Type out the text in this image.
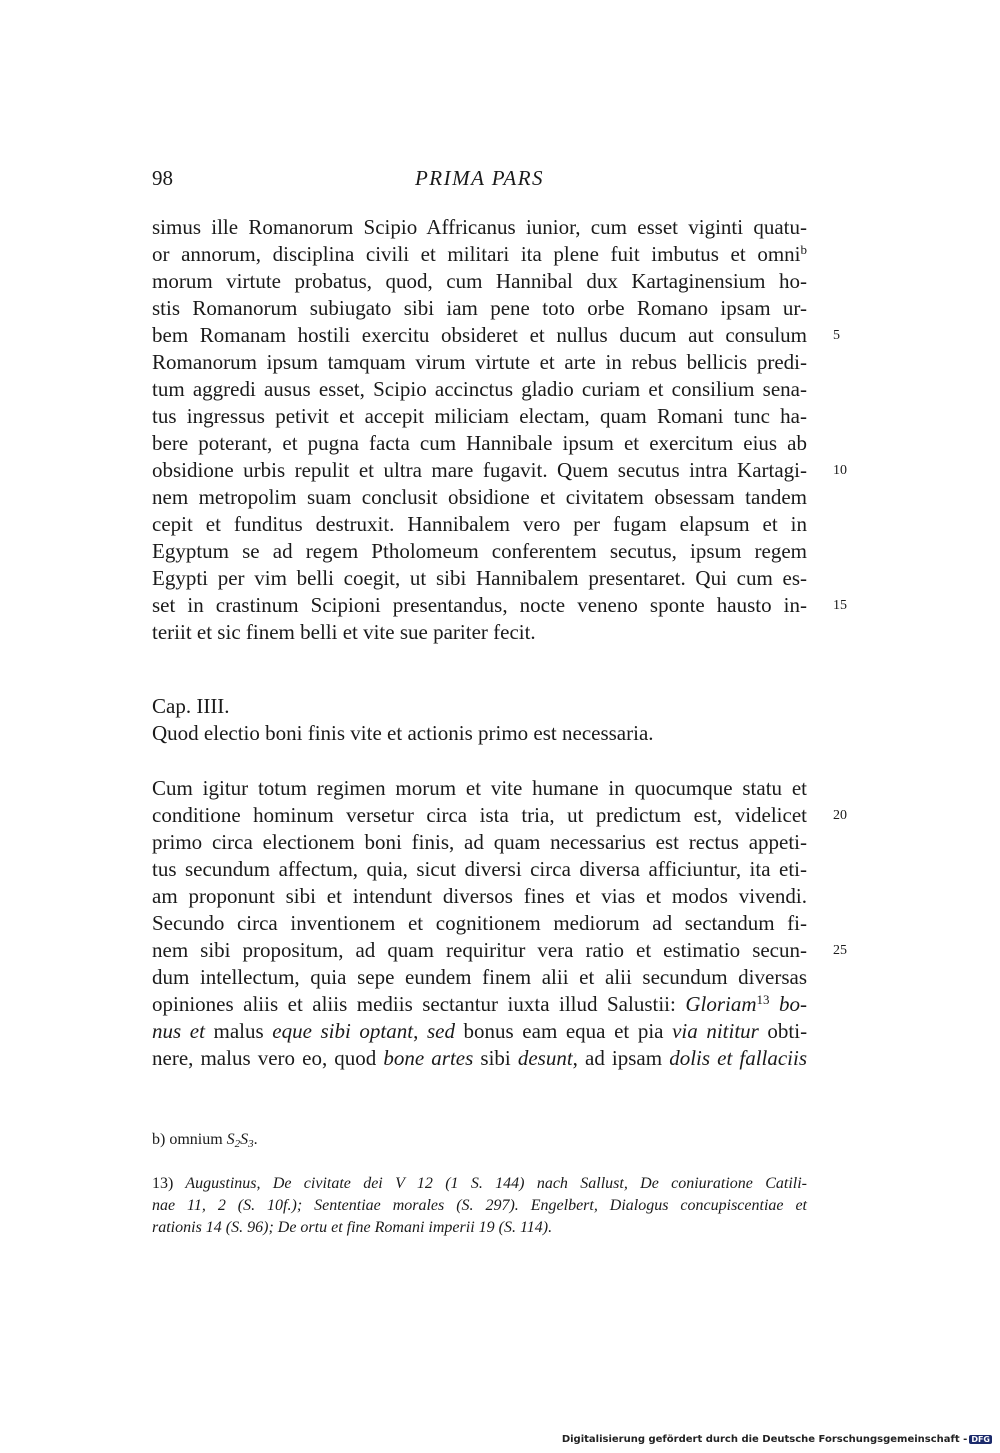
98	PRIMA PARS
simus ille Romanorum Scipio Affricanus iunior, cum esset viginti quatu-
or annorum, disciplina civili et militari ita plene fuit imbutus et omni$^b$
morum virtute probatus, quod, cum Hannibal dux Kartaginensium ho-
stis Romanorum subiugato sibi iam pene toto orbe Romano ipsam ur-
bem Romanam hostili exercitu obsideret et nullus ducum aut consulum
Romanorum ipsum tamquam virum virtute et arte in rebus bellicis predi-
tum aggredi ausus esset, Scipio accinctus gladio curiam et consilium sena-
tus ingressus petivit et accepit miliciam electam, quam Romani tunc ha-
bere poterant, et pugna facta cum Hannibale ipsum et exercitum eius ab
obsidione urbis repulit et ultra mare fugavit. Quem secutus intra Kartagi-
nem metropolim suam conclusit obsidione et civitatem obsessam tandem
cepit et funditus destruxit. Hannibalem vero per fugam elapsum et in
Egyptum se ad regem Ptholomeum conferentem secutus, ipsum regem
Egypti per vim belli coegit, ut sibi Hannibalem presentaret. Qui cum es-
set in crastinum Scipioni presentandus, nocte veneno sponte hausto in-
teriit et sic finem belli et vite sue pariter fecit.
Cap. IIII.
Quod electio boni finis vite et actionis primo est necessaria.
Cum igitur totum regimen morum et vite humane in quocumque statu et
conditione hominum versetur circa ista tria, ut predictum est, videlicet
primo circa electionem boni finis, ad quam necessarius est rectus appeti-
tus secundum affectum, quia, sicut diversi circa diversa afficiuntur, ita eti-
am proponunt sibi et intendunt diversos fines et vias et modos vivendi.
Secundo circa inventionem et cognitionem mediorum ad sectandum fi-
nem sibi propositum, ad quam requiritur vera ratio et estimatio secun-
dum intellectum, quia sepe eundem finem alii et alii secundum diversas
opiniones aliis et aliis mediis sectantur iuxta illud Salustii: Gloriam$^{13}$ bo-
nus et malus eque sibi optant, sed bonus eam equa et pia via nititur obti-
nere, malus vero eo, quod bone artes sibi desunt, ad ipsam dolis et fallaciis
5
10
15
20
25
b) omnium $S_2S_3$.
13) Augustinus, De civitate dei V 12 (1 S. 144) nach Sallust, De coniuratione Catili-
nae 11, 2 (S. 10f.); Sententiae morales (S. 297). Engelbert, Dialogus concupiscentiae et
rationis 14 (S. 96); De ortu et fine Romani imperii 19 (S. 114).
Digitalisierung gefördert durch die Deutsche Forschungsgemeinschaft - DFG
